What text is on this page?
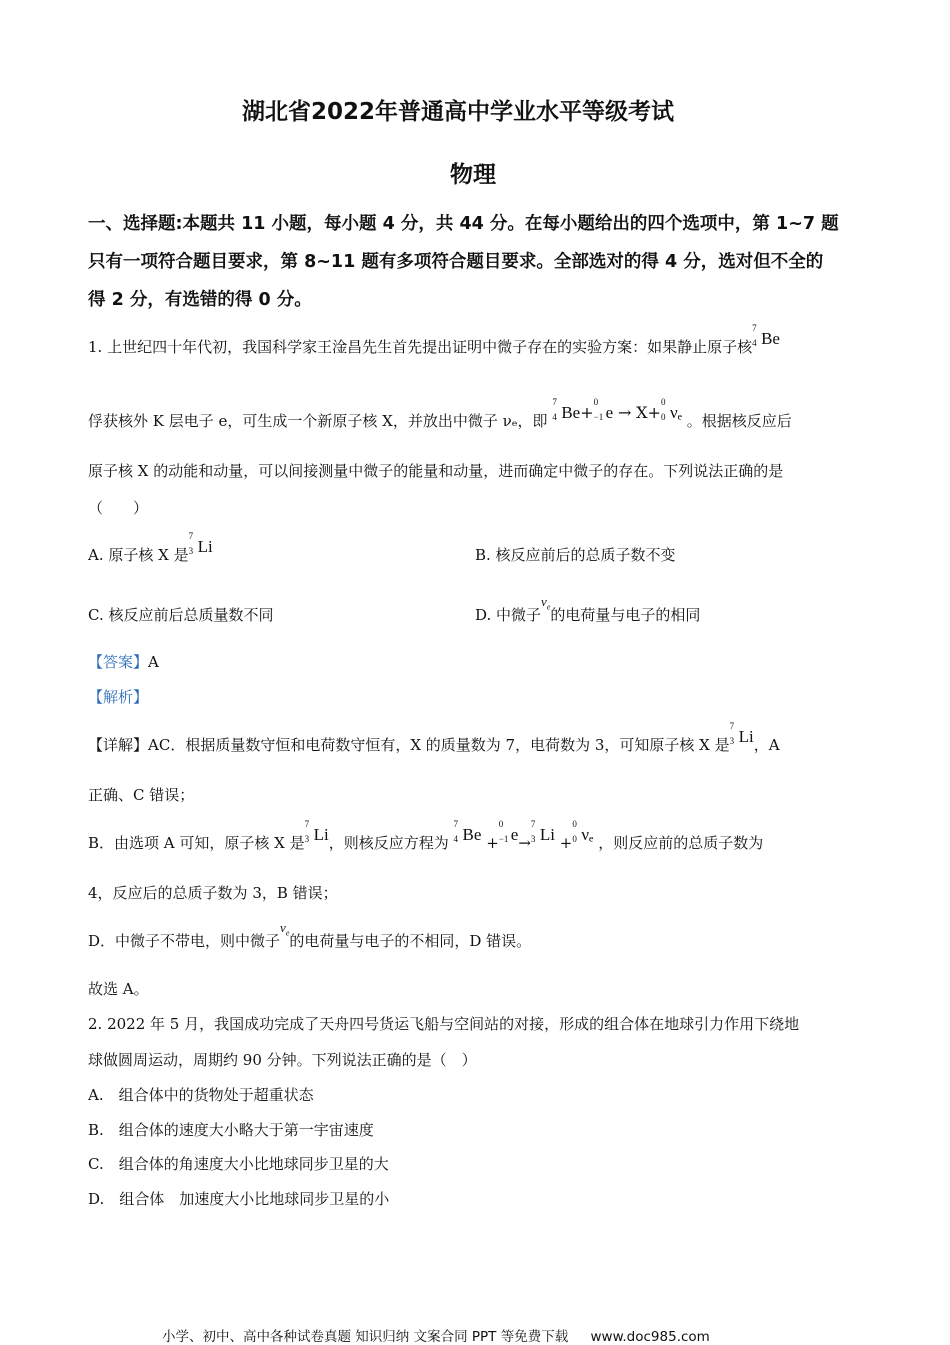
湖北省2022年普通高中学业水平等级考试
物理
一、选择题:本题共 11 小题，每小题 4 分，共 44 分。在每小题给出的四个选项中，第 1~7 题
只有一项符合题目要求，第 8~11 题有多项符合题目要求。全部选对的得 4 分，选对但不全的
得 2 分，有选错的得 0 分。
1. 上世纪四十年代初，我国科学家王淦昌先生首先提出证明中微子存在的实验方案：如果静止原子核
7
4 Be
俘获核外 K 层电子 e，可生成一个新原子核 X，并放出中微子 νₑ，即
7
4 Be+
0
−1 e → X+
0
0 νₑ 。根据核反应后
原子核 X 的动能和动量，可以间接测量中微子的能量和动量，进而确定中微子的存在。下列说法正确的是
（　　）
A. 原子核 X 是
7
3 Li	B. 核反应前后的总质子数不变
C. 核反应前后总质量数不同	D. 中微子$v_e$的电荷量与电子的相同
【答案】A
【解析】
【详解】AC．根据质量数守恒和电荷数守恒有，X 的质量数为 7，电荷数为 3，可知原子核 X 是
7
3 Li，A
正确、C 错误；
B．由选项 A 可知，原子核 X 是
7
3 Li，则核反应方程为
7
4 Be +
0
−1 e→
7
3 Li +
0
0 νₑ ，则反应前的总质子数为
4，反应后的总质子数为 3，B 错误；
D．中微子不带电，则中微子$v_e$的电荷量与电子的不相同，D 错误。
故选 A。
2. 2022 年 5 月，我国成功完成了天舟四号货运飞船与空间站的对接，形成的组合体在地球引力作用下绕地
球做圆周运动，周期约 90 分钟。下列说法正确的是（　）
A.　组合体中的货物处于超重状态
B.　组合体的速度大小略大于第一宇宙速度
C.　组合体的角速度大小比地球同步卫星的大
D.　组合体　加速度大小比地球同步卫星的小
小学、初中、高中各种试卷真题 知识归纳 文案合同 PPT 等免费下载 www.doc985.com
